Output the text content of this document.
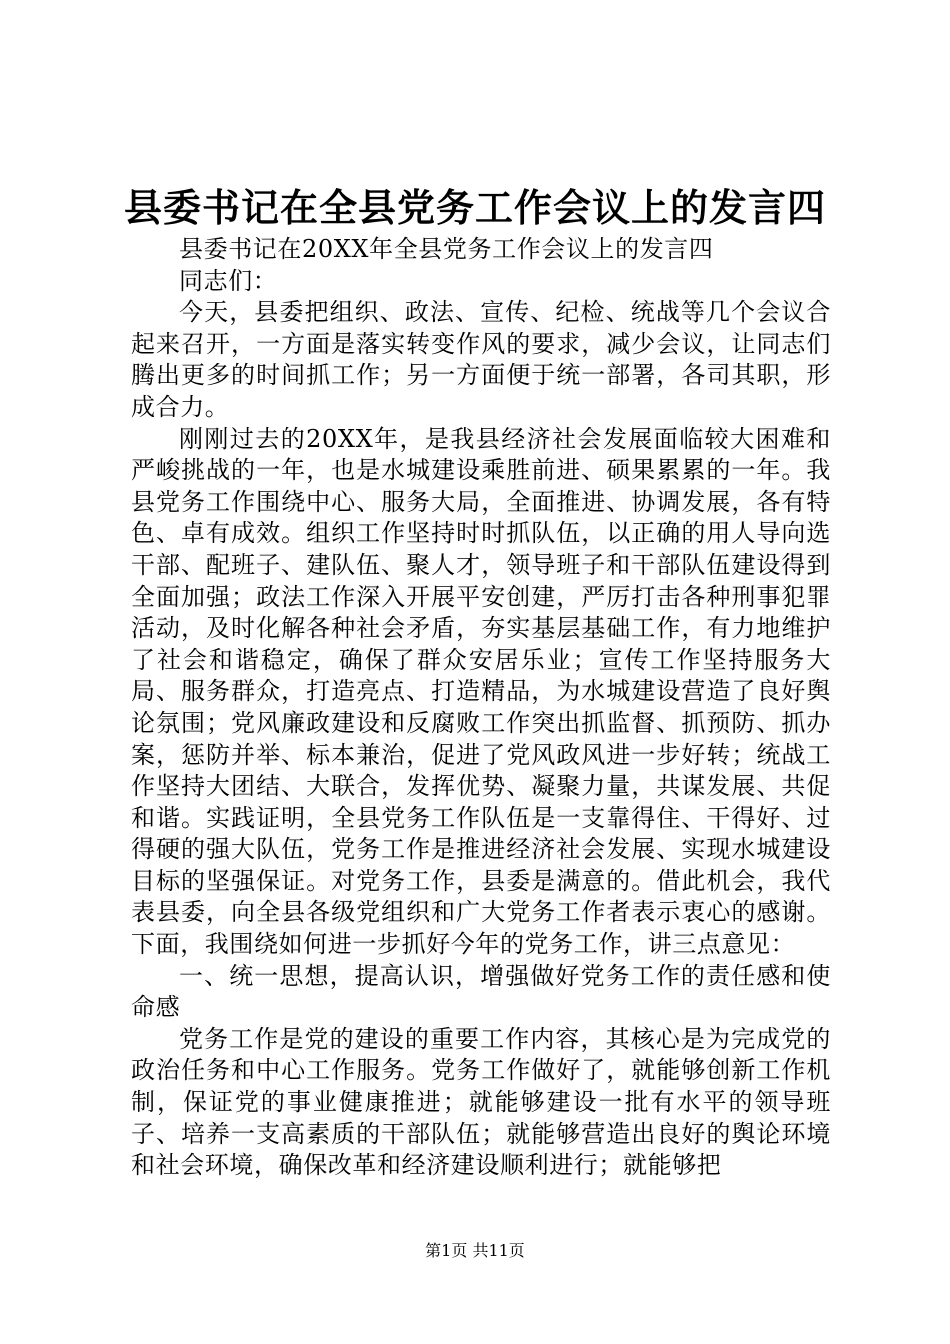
县委书记在全县党务工作会议上的发言四

县委书记在20XX年全县党务工作会议上的发言四

同志们：

今天，县委把组织、政法、宣传、纪检、统战等几个会议合起来召开，一方面是落实转变作风的要求，减少会议，让同志们腾出更多的时间抓工作；另一方面便于统一部署，各司其职，形成合力。

刚刚过去的20XX年，是我县经济社会发展面临较大困难和严峻挑战的一年，也是水城建设乘胜前进、硕果累累的一年。我县党务工作围绕中心、服务大局，全面推进、协调发展，各有特色、卓有成效。组织工作坚持时时抓队伍，以正确的用人导向选干部、配班子、建队伍、聚人才，领导班子和干部队伍建设得到全面加强；政法工作深入开展平安创建，严厉打击各种刑事犯罪活动，及时化解各种社会矛盾，夯实基层基础工作，有力地维护了社会和谐稳定，确保了群众安居乐业；宣传工作坚持服务大局、服务群众，打造亮点、打造精品，为水城建设营造了良好舆论氛围；党风廉政建设和反腐败工作突出抓监督、抓预防、抓办案，惩防并举、标本兼治，促进了党风政风进一步好转；统战工作坚持大团结、大联合，发挥优势、凝聚力量，共谋发展、共促和谐。实践证明，全县党务工作队伍是一支靠得住、干得好、过得硬的强大队伍，党务工作是推进经济社会发展、实现水城建设目标的坚强保证。对党务工作，县委是满意的。借此机会，我代表县委，向全县各级党组织和广大党务工作者表示衷心的感谢。下面，我围绕如何进一步抓好今年的党务工作，讲三点意见：

一、统一思想，提高认识，增强做好党务工作的责任感和使命感

党务工作是党的建设的重要工作内容，其核心是为完成党的政治任务和中心工作服务。党务工作做好了，就能够创新工作机制，保证党的事业健康推进；就能够建设一批有水平的领导班子、培养一支高素质的干部队伍；就能够营造出良好的舆论环境和社会环境，确保改革和经济建设顺利进行；就能够把

第1页 共11页
